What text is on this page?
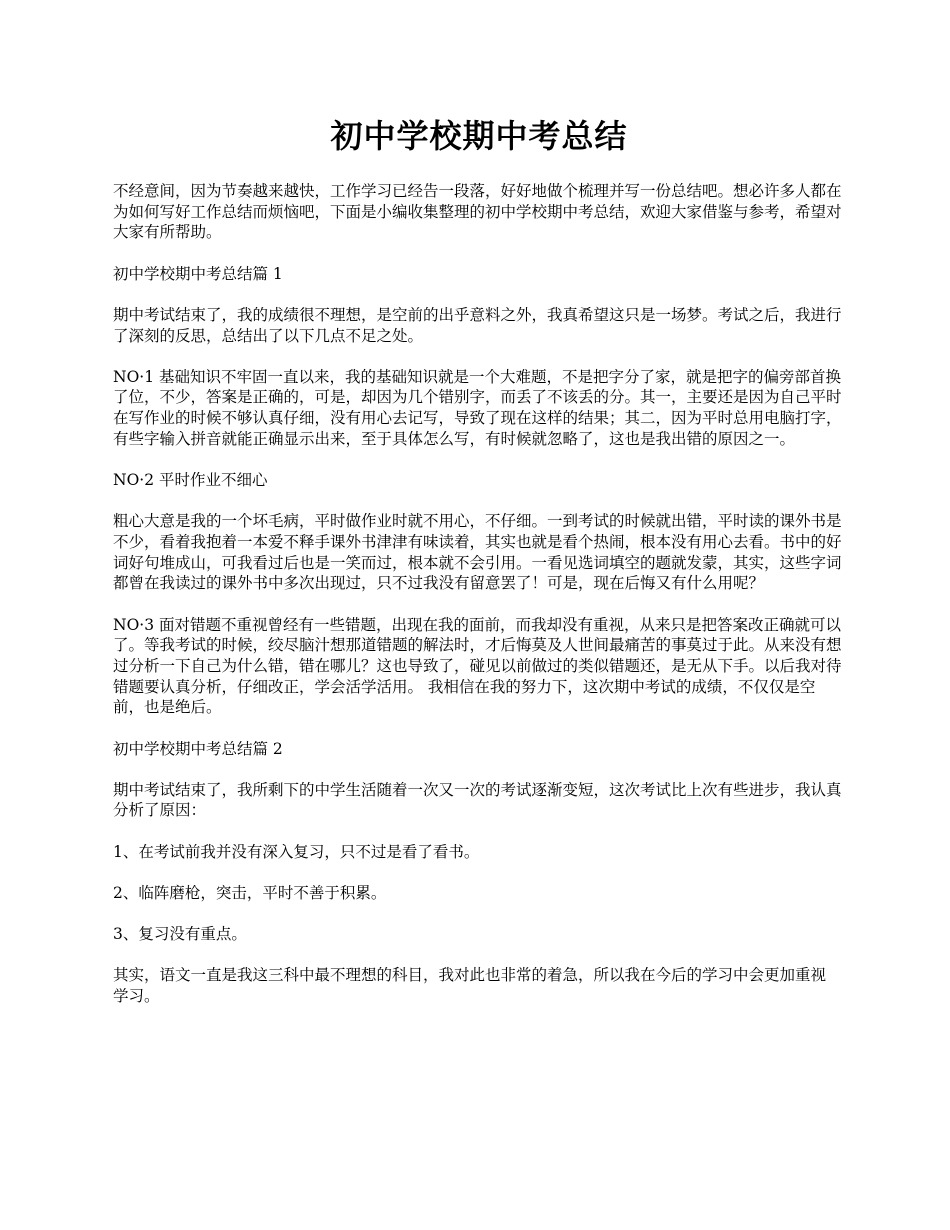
初中学校期中考总结

不经意间，因为节奏越来越快，工作学习已经告一段落，好好地做个梳理并写一份总结吧。想必许多人都在为如何写好工作总结而烦恼吧，下面是小编收集整理的初中学校期中考总结，欢迎大家借鉴与参考，希望对大家有所帮助。

初中学校期中考总结篇 1

期中考试结束了，我的成绩很不理想，是空前的出乎意料之外，我真希望这只是一场梦。考试之后，我进行了深刻的反思，总结出了以下几点不足之处。

NO·1 基础知识不牢固一直以来，我的基础知识就是一个大难题，不是把字分了家，就是把字的偏旁部首换了位，不少，答案是正确的，可是，却因为几个错别字，而丢了不该丢的分。其一，主要还是因为自己平时在写作业的时候不够认真仔细，没有用心去记写，导致了现在这样的结果；其二，因为平时总用电脑打字，有些字输入拼音就能正确显示出来，至于具体怎么写，有时候就忽略了，这也是我出错的原因之一。

NO·2 平时作业不细心

粗心大意是我的一个坏毛病，平时做作业时就不用心，不仔细。一到考试的时候就出错，平时读的课外书是不少，看着我抱着一本爱不释手课外书津津有味读着，其实也就是看个热闹，根本没有用心去看。书中的好词好句堆成山，可我看过后也是一笑而过，根本就不会引用。一看见选词填空的题就发蒙，其实，这些字词都曾在我读过的课外书中多次出现过，只不过我没有留意罢了！可是，现在后悔又有什么用呢？

NO·3 面对错题不重视曾经有一些错题，出现在我的面前，而我却没有重视，从来只是把答案改正确就可以了。等我考试的时候，绞尽脑汁想那道错题的解法时，才后悔莫及人世间最痛苦的事莫过于此。从来没有想过分析一下自己为什么错，错在哪儿？这也导致了，碰见以前做过的类似错题还，是无从下手。以后我对待错题要认真分析，仔细改正，学会活学活用。 我相信在我的努力下，这次期中考试的成绩，不仅仅是空前，也是绝后。

初中学校期中考总结篇 2

期中考试结束了，我所剩下的中学生活随着一次又一次的考试逐渐变短，这次考试比上次有些进步，我认真分析了原因：

1、在考试前我并没有深入复习，只不过是看了看书。

2、临阵磨枪，突击，平时不善于积累。

3、复习没有重点。

其实，语文一直是我这三科中最不理想的科目，我对此也非常的着急，所以我在今后的学习中会更加重视 学习。
